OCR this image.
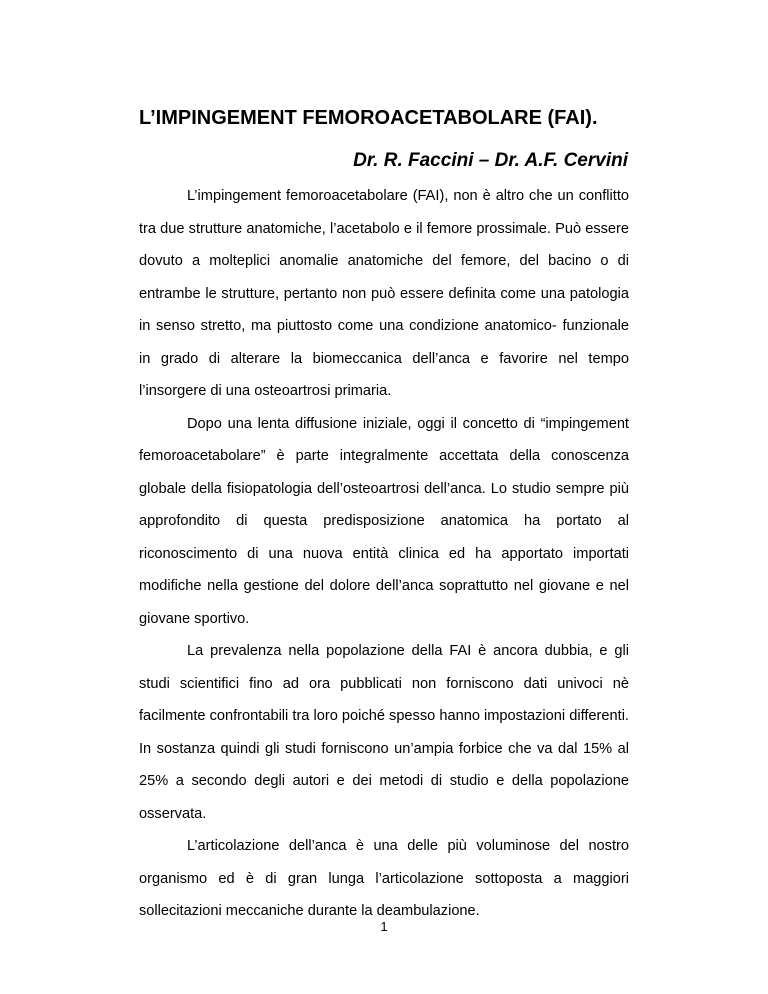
L’IMPINGEMENT FEMOROACETABOLARE (FAI).
Dr. R. Faccini – Dr. A.F. Cervini

L’impingement femoroacetabolare (FAI), non è altro che un conflitto tra due strutture anatomiche, l’acetabolo e il femore prossimale. Può essere dovuto a molteplici anomalie anatomiche del femore, del bacino o di entrambe le strutture, pertanto non può essere definita come una patologia in senso stretto, ma piuttosto come una condizione anatomico- funzionale in grado di alterare la biomeccanica dell’anca e favorire nel tempo l’insorgere di una osteoartrosi primaria.

Dopo una lenta diffusione iniziale, oggi il concetto di “impingement femoroacetabolare” è parte integralmente accettata della conoscenza globale della fisiopatologia dell’osteoartrosi dell’anca. Lo studio sempre più approfondito di questa predisposizione anatomica ha portato al riconoscimento di una nuova entità clinica ed ha apportato importati modifiche nella gestione del dolore dell’anca soprattutto nel giovane e nel giovane sportivo.

La prevalenza nella popolazione della FAI è ancora dubbia, e gli studi scientifici fino ad ora pubblicati non forniscono dati univoci nè facilmente confrontabili tra loro poiché spesso hanno impostazioni differenti. In sostanza quindi gli studi forniscono un’ampia forbice che va dal 15% al 25% a secondo degli autori e dei metodi di studio e della popolazione osservata.

L’articolazione dell’anca è una delle più voluminose del nostro organismo ed è di gran lunga l’articolazione sottoposta a maggiori sollecitazioni meccaniche durante la deambulazione.

1
